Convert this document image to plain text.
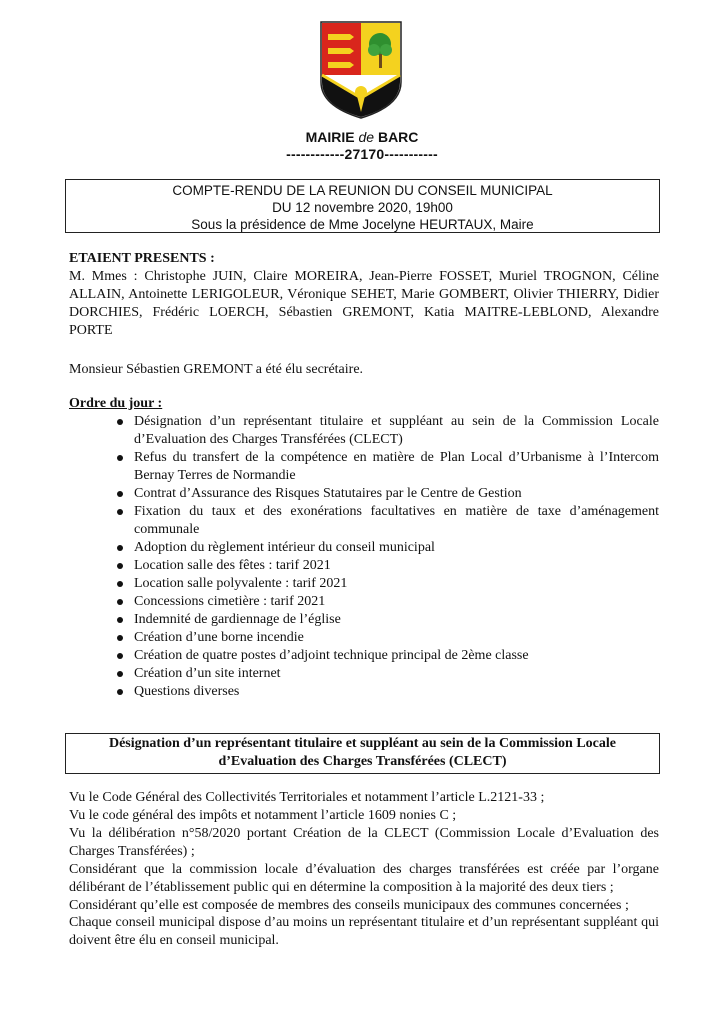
MAIRIE de BARC
------------27170-----------
COMPTE-RENDU DE LA REUNION DU CONSEIL MUNICIPAL
DU 12 novembre 2020, 19h00
Sous la présidence de Mme Jocelyne HEURTAUX, Maire

ETAIENT PRESENTS :

M. Mmes : Christophe JUIN, Claire MOREIRA, Jean-Pierre FOSSET, Muriel TROGNON, Céline ALLAIN, Antoinette LERIGOLEUR, Véronique SEHET, Marie GOMBERT, Olivier THIERRY, Didier DORCHIES, Frédéric LOERCH, Sébastien GREMONT, Katia MAITRE-LEBLOND, Alexandre PORTE

Monsieur Sébastien GREMONT a été élu secrétaire.

Ordre du jour :

Désignation d’un représentant titulaire et suppléant au sein de la Commission Locale d’Evaluation des Charges Transférées (CLECT)
Refus du transfert de la compétence en matière de Plan Local d’Urbanisme à l’Intercom Bernay Terres de Normandie
Contrat d’Assurance des Risques Statutaires par le Centre de Gestion
Fixation du taux et des exonérations facultatives en matière de taxe d’aménagement communale
Adoption du règlement intérieur du conseil municipal
Location salle des fêtes : tarif 2021
Location salle polyvalente : tarif 2021
Concessions cimetière : tarif 2021
Indemnité de gardiennage de l’église
Création d’une borne incendie
Création de quatre postes d’adjoint technique principal de 2ème classe
Création d’un site internet
Questions diverses
Désignation d’un représentant titulaire et suppléant au sein de la Commission Locale
d’Evaluation des Charges Transférées (CLECT)

Vu le Code Général des Collectivités Territoriales et notamment l’article L.2121-33 ;

Vu le code général des impôts et notamment l’article 1609 nonies C ;

Vu la délibération n°58/2020 portant Création de la CLECT (Commission Locale d’Evaluation des Charges Transférées) ;

Considérant que la commission locale d’évaluation des charges transférées est créée par l’organe délibérant de l’établissement public qui en détermine la composition à la majorité des deux tiers ;

Considérant qu’elle est composée de membres des conseils municipaux des communes concernées ;

Chaque conseil municipal dispose d’au moins un représentant titulaire et d’un représentant suppléant qui doivent être élu en conseil municipal.
